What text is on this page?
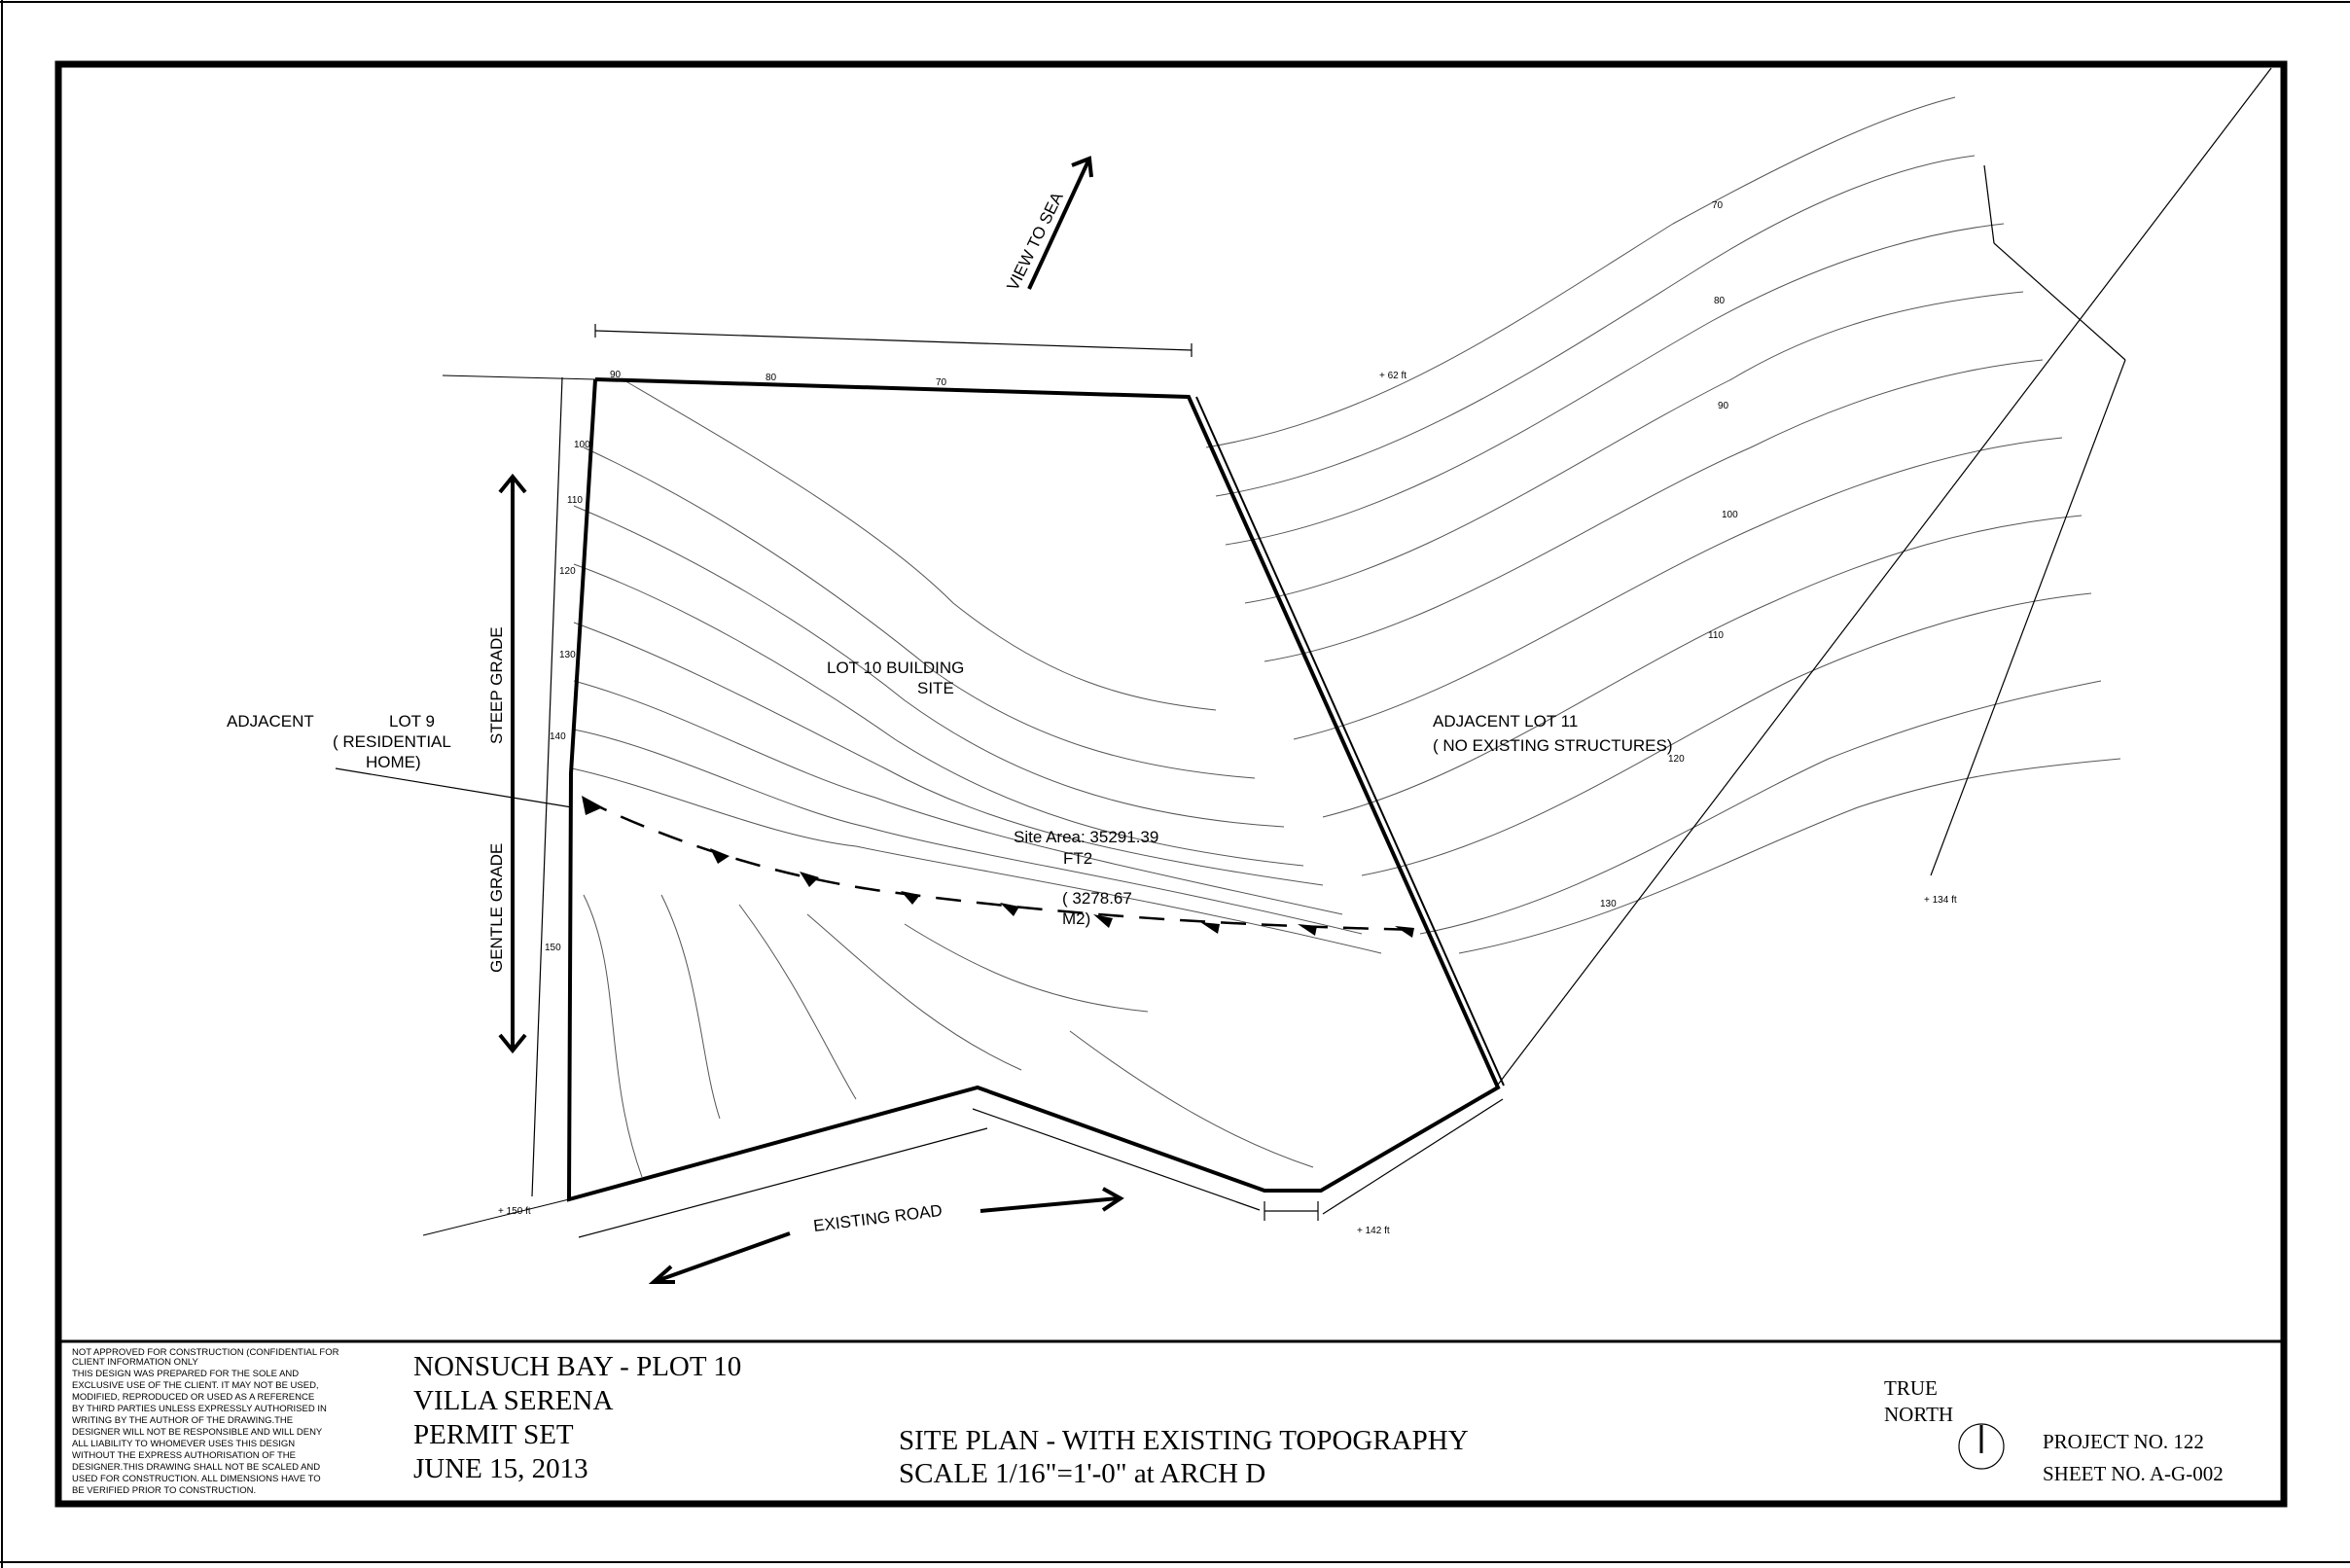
VIEW TO SEA
LOT 10 BUILDING
SITE
Site Area: 35291.39
FT2
( 3278.67
M2)
ADJACENT	LOT 9
( RESIDENTIAL
HOME)
ADJACENT LOT 11
( NO EXISTING STRUCTURES)
STEEP GRADE
GENTLE GRADE
EXISTING ROAD
+ 62 ft
+ 134 ft
+ 142 ft
+ 150 ft
90	80	70
100
110
120
130
140
150
70
80
90
100
110
120
130
NOT APPROVED FOR CONSTRUCTION (CONFIDENTIAL FOR
CLIENT INFORMATION ONLY
THIS DESIGN WAS PREPARED FOR THE SOLE AND
EXCLUSIVE USE OF THE CLIENT. IT MAY NOT BE USED,
MODIFIED, REPRODUCED OR USED AS A REFERENCE
BY THIRD PARTIES UNLESS EXPRESSLY AUTHORISED IN
WRITING BY THE AUTHOR OF THE DRAWING.THE
DESIGNER WILL NOT BE RESPONSIBLE AND WILL DENY
ALL LIABILITY TO WHOMEVER USES THIS DESIGN
WITHOUT THE EXPRESS AUTHORISATION OF THE
DESIGNER.THIS DRAWING SHALL NOT BE SCALED AND
USED FOR CONSTRUCTION. ALL DIMENSIONS HAVE TO
BE VERIFIED PRIOR TO CONSTRUCTION.
NONSUCH BAY - PLOT 10
VILLA SERENA
PERMIT SET
JUNE 15, 2013
SITE PLAN - WITH EXISTING TOPOGRAPHY
SCALE 1/16"=1'-0" at ARCH D
TRUE
NORTH
PROJECT NO. 122
SHEET NO. A-G-002
